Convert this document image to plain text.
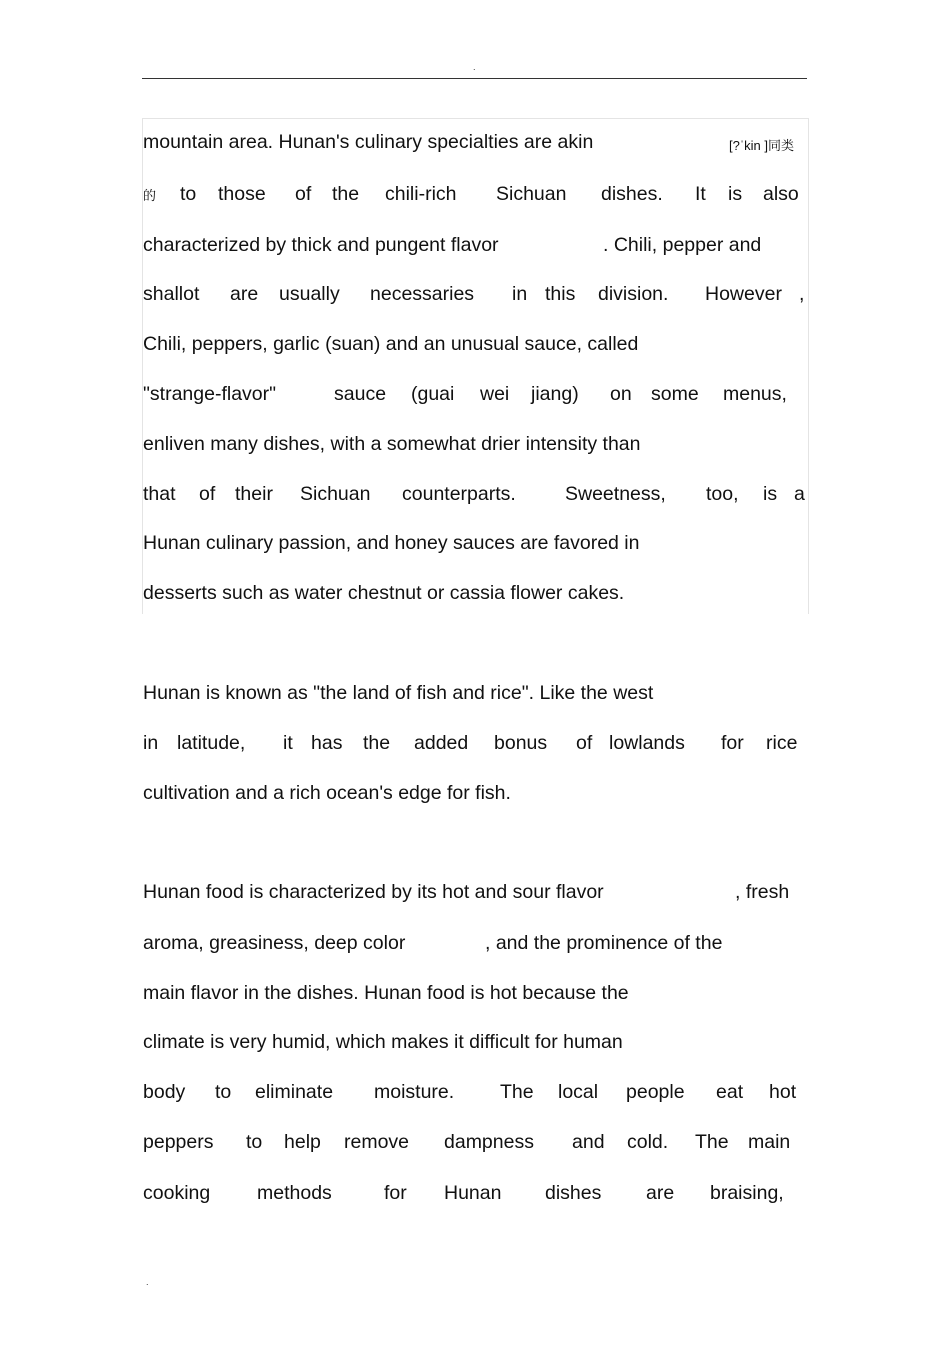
.
mountain area. Hunan's culinary specialties are akin	[?ˈkin ]同类
的 to those of the chili-rich Sichuan dishes. It is also
characterized by thick and pungent flavor	. Chili, pepper and
shallot are usually necessaries in this division. However ,
Chili, peppers, garlic (suan) and an unusual sauce, called
"strange-flavor"	sauce (guai wei jiang) on some menus,
enliven many dishes, with a somewhat drier intensity than
that of their Sichuan counterparts.	Sweetness, too, is a
Hunan culinary passion, and honey sauces are favored in
desserts such as water chestnut or cassia flower cakes.
Hunan is known as "the land of fish and rice". Like the west
in latitude, it has the added bonus of lowlands for rice
cultivation and a rich ocean's edge for fish.
Hunan food is characterized by its hot and sour flavor	, fresh
aroma, greasiness, deep color	, and the prominence of the
main flavor in the dishes. Hunan food is hot because the
climate is very humid, which makes it difficult for human
body to eliminate moisture. The local people eat hot
peppers to help remove dampness and cold. The main
cooking methods	for Hunan dishes are braising,
.
